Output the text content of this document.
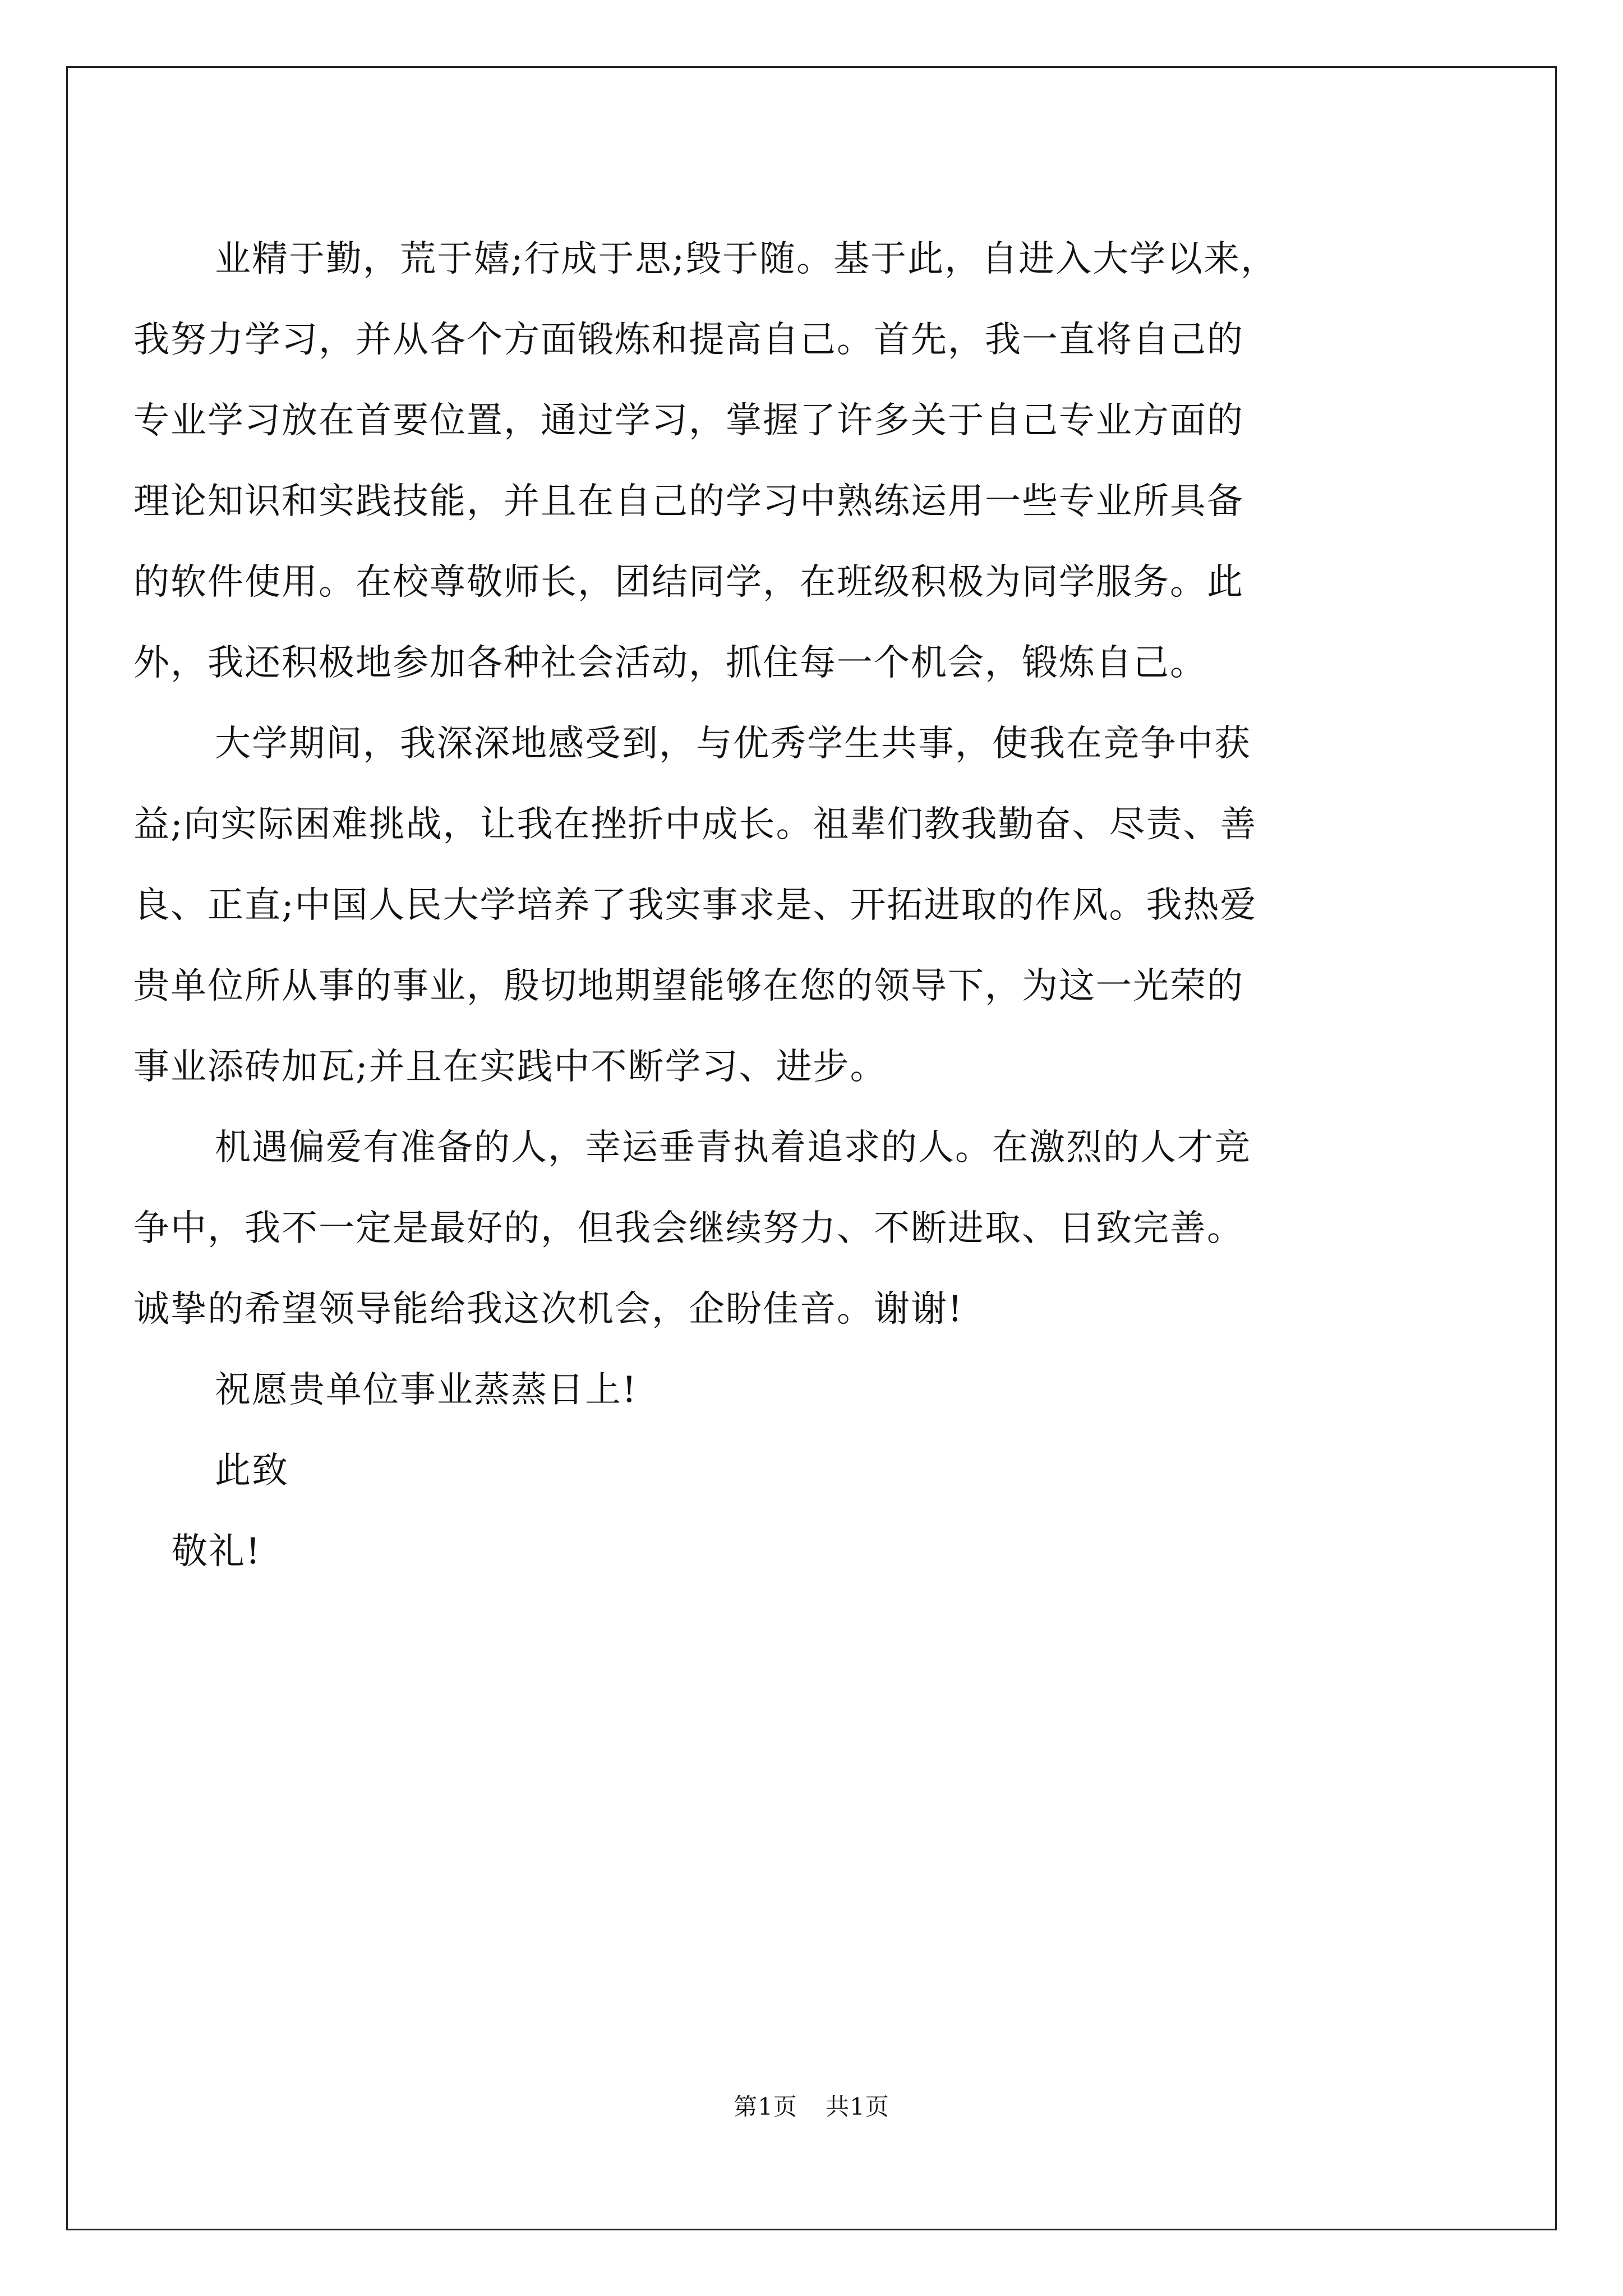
业精于勤，荒于嬉;行成于思;毁于随。基于此，自进入大学以来，
我努力学习，并从各个方面锻炼和提高自己。首先，我一直将自己的
专业学习放在首要位置，通过学习，掌握了许多关于自己专业方面的
理论知识和实践技能，并且在自己的学习中熟练运用一些专业所具备
的软件使用。在校尊敬师长，团结同学，在班级积极为同学服务。此
外，我还积极地参加各种社会活动，抓住每一个机会，锻炼自己。
大学期间，我深深地感受到，与优秀学生共事，使我在竞争中获
益;向实际困难挑战，让我在挫折中成长。祖辈们教我勤奋、尽责、善
良、正直;中国人民大学培养了我实事求是、开拓进取的作风。我热爱
贵单位所从事的事业，殷切地期望能够在您的领导下，为这一光荣的
事业添砖加瓦;并且在实践中不断学习、进步。
机遇偏爱有准备的人，幸运垂青执着追求的人。在激烈的人才竞
争中，我不一定是最好的，但我会继续努力、不断进取、日致完善。
诚挚的希望领导能给我这次机会，企盼佳音。谢谢!
祝愿贵单位事业蒸蒸日上!
此致
敬礼!
第1页 共1页
